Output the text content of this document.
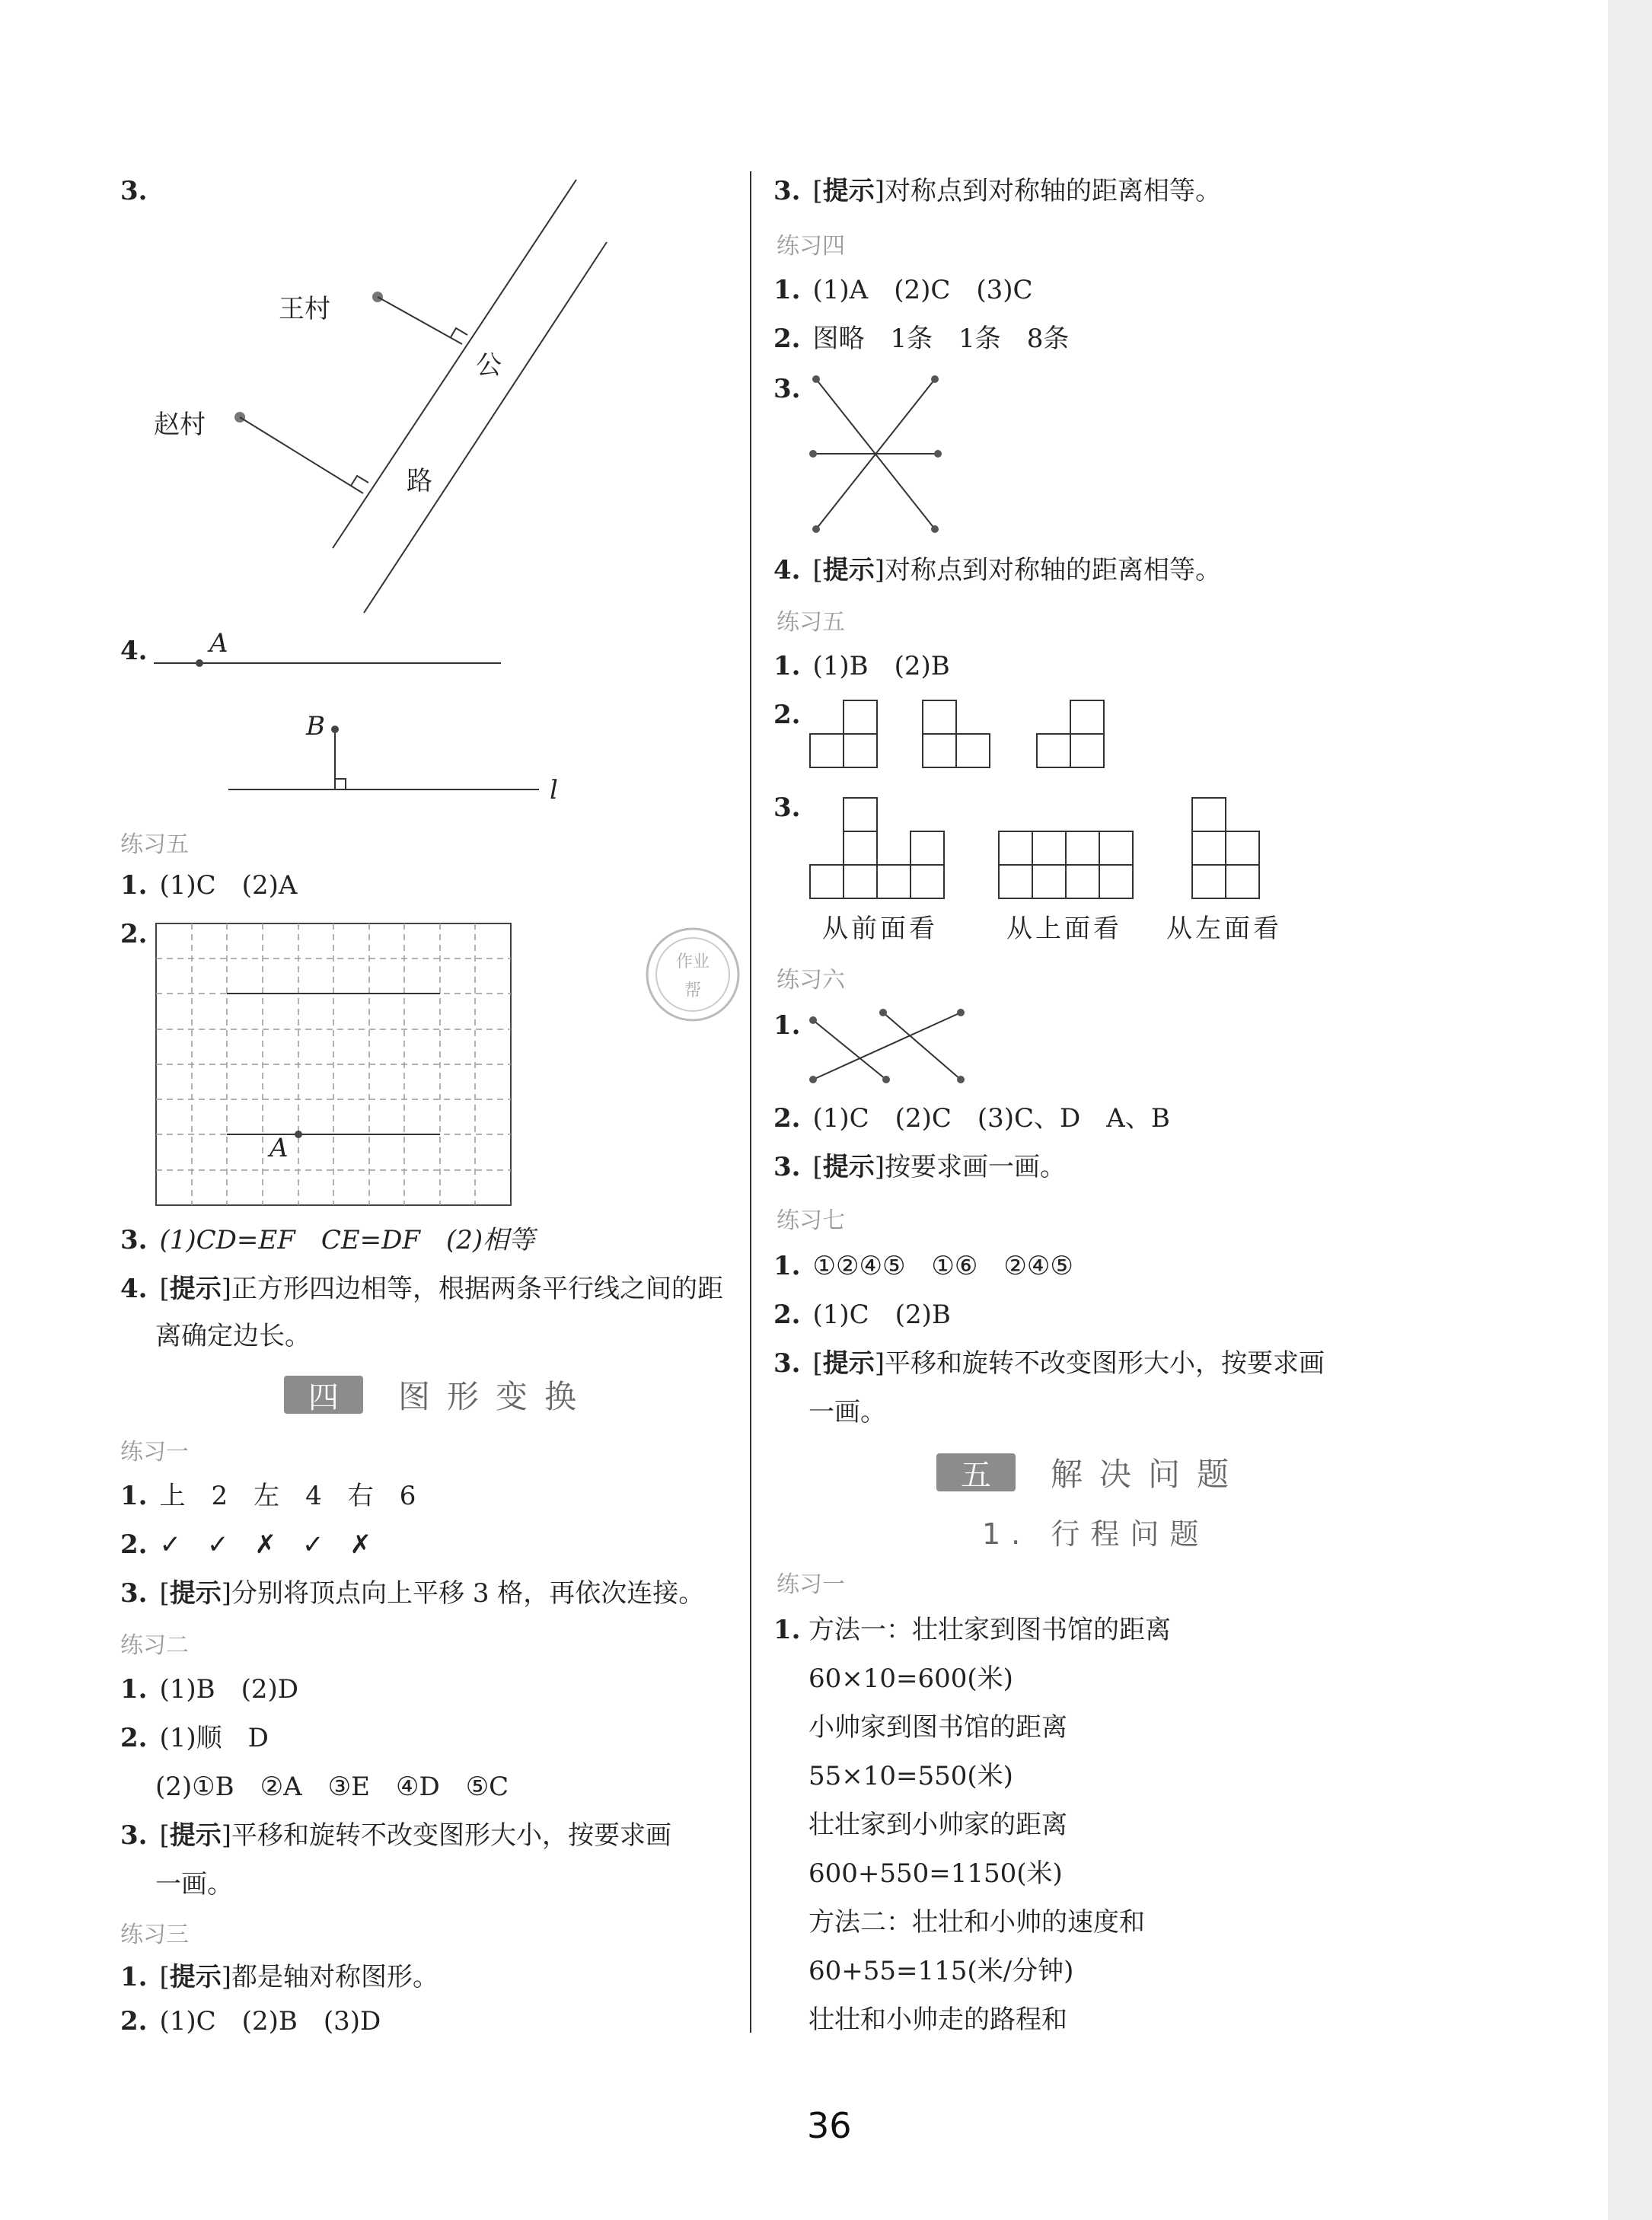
3.
王村
赵村
公
路
4. A
B
l
练习五
1. (1)C　(2)A
2.
A
3. (1)CD=EF　CE=DF　(2)相等
4. [提示]正方形四边相等，根据两条平行线之间的距
离确定边长。
四	图形变换
练习一
1. 上　2　左　4　右　6
2. ✓　✓　✗　✓　✗
3. [提示]分别将顶点向上平移 3 格，再依次连接。
练习二
1. (1)B　(2)D
2. (1)顺　D
(2)①B　②A　③E　④D　⑤C
3. [提示]平移和旋转不改变图形大小，按要求画
一画。
练习三
1. [提示]都是轴对称图形。
2. (1)C　(2)B　(3)D
作业
帮
3. [提示]对称点到对称轴的距离相等。
练习四
1. (1)A　(2)C　(3)C
2. 图略　1条　1条　8条
3.
4. [提示]对称点到对称轴的距离相等。
练习五
1. (1)B　(2)B
2.
3.
从前面看	从上面看 从左面看
练习六
1.
2. (1)C　(2)C　(3)C、D　A、B
3. [提示]按要求画一画。
练习七
1. ①②④⑤　①⑥　②④⑤
2. (1)C　(2)B
3. [提示]平移和旋转不改变图形大小，按要求画
一画。
五	解决问题
1. 行程问题
练习一
1. 方法一：壮壮家到图书馆的距离
60×10=600(米)
小帅家到图书馆的距离
55×10=550(米)
壮壮家到小帅家的距离
600+550=1150(米)
方法二：壮壮和小帅的速度和
60+55=115(米/分钟)
壮壮和小帅走的路程和
36
